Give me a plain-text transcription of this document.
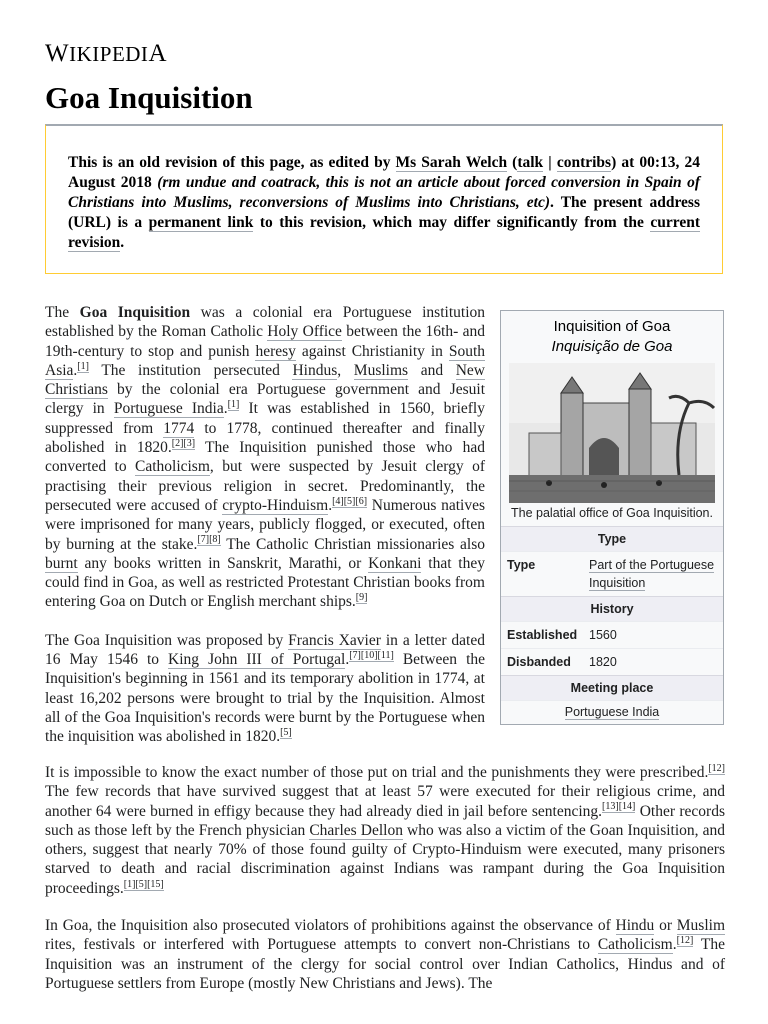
WIKIPEDIA
Goa Inquisition
This is an old revision of this page, as edited by Ms Sarah Welch (talk | contribs) at 00:13, 24 August 2018 (rm undue and coatrack, this is not an article about forced conversion in Spain of Christians into Muslims, reconversions of Muslims into Christians, etc). The present address (URL) is a permanent link to this revision, which may differ significantly from the current revision.

The Goa Inquisition was a colonial era Portuguese institution established by the Roman Catholic Holy Office between the 16th- and 19th-century to stop and punish heresy against Christianity in South Asia.[1] The institution persecuted Hindus, Muslims and New Christians by the colonial era Portuguese government and Jesuit clergy in Portuguese India.[1] It was established in 1560, briefly suppressed from 1774 to 1778, continued thereafter and finally abolished in 1820.[2][3] The Inquisition punished those who had converted to Catholicism, but were suspected by Jesuit clergy of practising their previous religion in secret. Predominantly, the persecuted were accused of crypto-Hinduism.[4][5][6] Numerous natives were imprisoned for many years, publicly flogged, or executed, often by burning at the stake.[7][8] The Catholic Christian missionaries also burnt any books written in Sanskrit, Marathi, or Konkani that they could find in Goa, as well as restricted Protestant Christian books from entering Goa on Dutch or English merchant ships.[9]

The Goa Inquisition was proposed by Francis Xavier in a letter dated 16 May 1546 to King John III of Portugal.[7][10][11] Between the Inquisition's beginning in 1561 and its temporary abolition in 1774, at least 16,202 persons were brought to trial by the Inquisition. Almost all of the Goa Inquisition's records were burnt by the Portuguese when the inquisition was abolished in 1820.[5]

It is impossible to know the exact number of those put on trial and the punishments they were prescribed.[12] The few records that have survived suggest that at least 57 were executed for their religious crime, and another 64 were burned in effigy because they had already died in jail before sentencing.[13][14] Other records such as those left by the French physician Charles Dellon who was also a victim of the Goan Inquisition, and others, suggest that nearly 70% of those found guilty of Crypto-Hinduism were executed, many prisoners starved to death and racial discrimination against Indians was rampant during the Goa Inquisition proceedings.[1][5][15]

In Goa, the Inquisition also prosecuted violators of prohibitions against the observance of Hindu or Muslim rites, festivals or interfered with Portuguese attempts to convert non-Christians to Catholicism.[12] The Inquisition was an instrument of the clergy for social control over Indian Catholics, Hindus and of Portuguese settlers from Europe (mostly New Christians and Jews). The

Inquisition of Goa
Inquisição de Goa
The palatial office of Goa Inquisition.
Type
Type	Part of the Portuguese Inquisition
History
Established 1560
Disbanded	1820
Meeting place
Portuguese India
